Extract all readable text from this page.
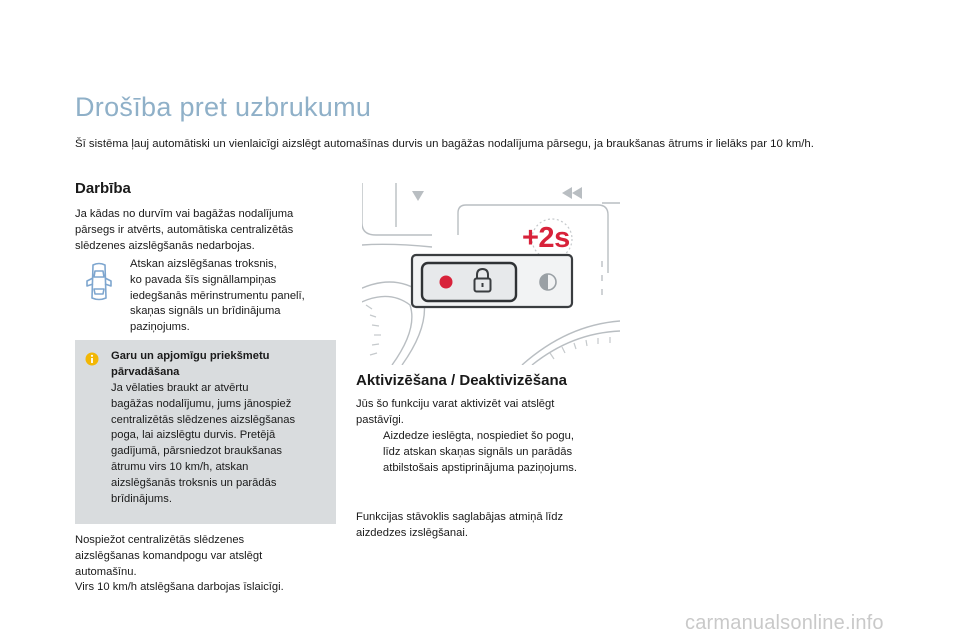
Drošība pret uzbrukumu
Šī sistēma ļauj automātiski un vienlaicīgi aizslēgt automašīnas durvis un bagāžas nodalījuma pārsegu, ja braukšanas ātrums ir lielāks par 10 km/h.
Darbība
Ja kādas no durvīm vai bagāžas nodalījuma
pārsegs ir atvērts, automātiska centralizētās
slēdzenes aizslēgšanās nedarbojas.
Atskan aizslēgšanas troksnis,
ko pavada šīs signāllampiņas
iedegšanās mērinstrumentu panelī,
skaņas signāls un brīdinājuma
paziņojums.
Garu un apjomīgu priekšmetu
pārvadāšana
Ja vēlaties braukt ar atvērtu
bagāžas nodalījumu, jums jānospiež
centralizētās slēdzenes aizslēgšanas
poga, lai aizslēgtu durvis. Pretējā
gadījumā, pārsniedzot braukšanas
ātrumu virs 10 km/h, atskan
aizslēgšanās troksnis un parādās
brīdinājums.
Nospiežot centralizētās slēdzenes
aizslēgšanas komandpogu var atslēgt
automašīnu.
Virs 10 km/h atslēgšana darbojas īslaicīgi.
+2s
Aktivizēšana / Deaktivizēšana
Jūs šo funkciju varat aktivizēt vai atslēgt
pastāvīgi.
Aizdedze ieslēgta, nospiediet šo pogu,
līdz atskan skaņas signāls un parādās
atbilstošais apstiprinājuma paziņojums.
Funkcijas stāvoklis saglabājas atmiņā līdz
aizdedzes izslēgšanai.
carmanualsonline.info
